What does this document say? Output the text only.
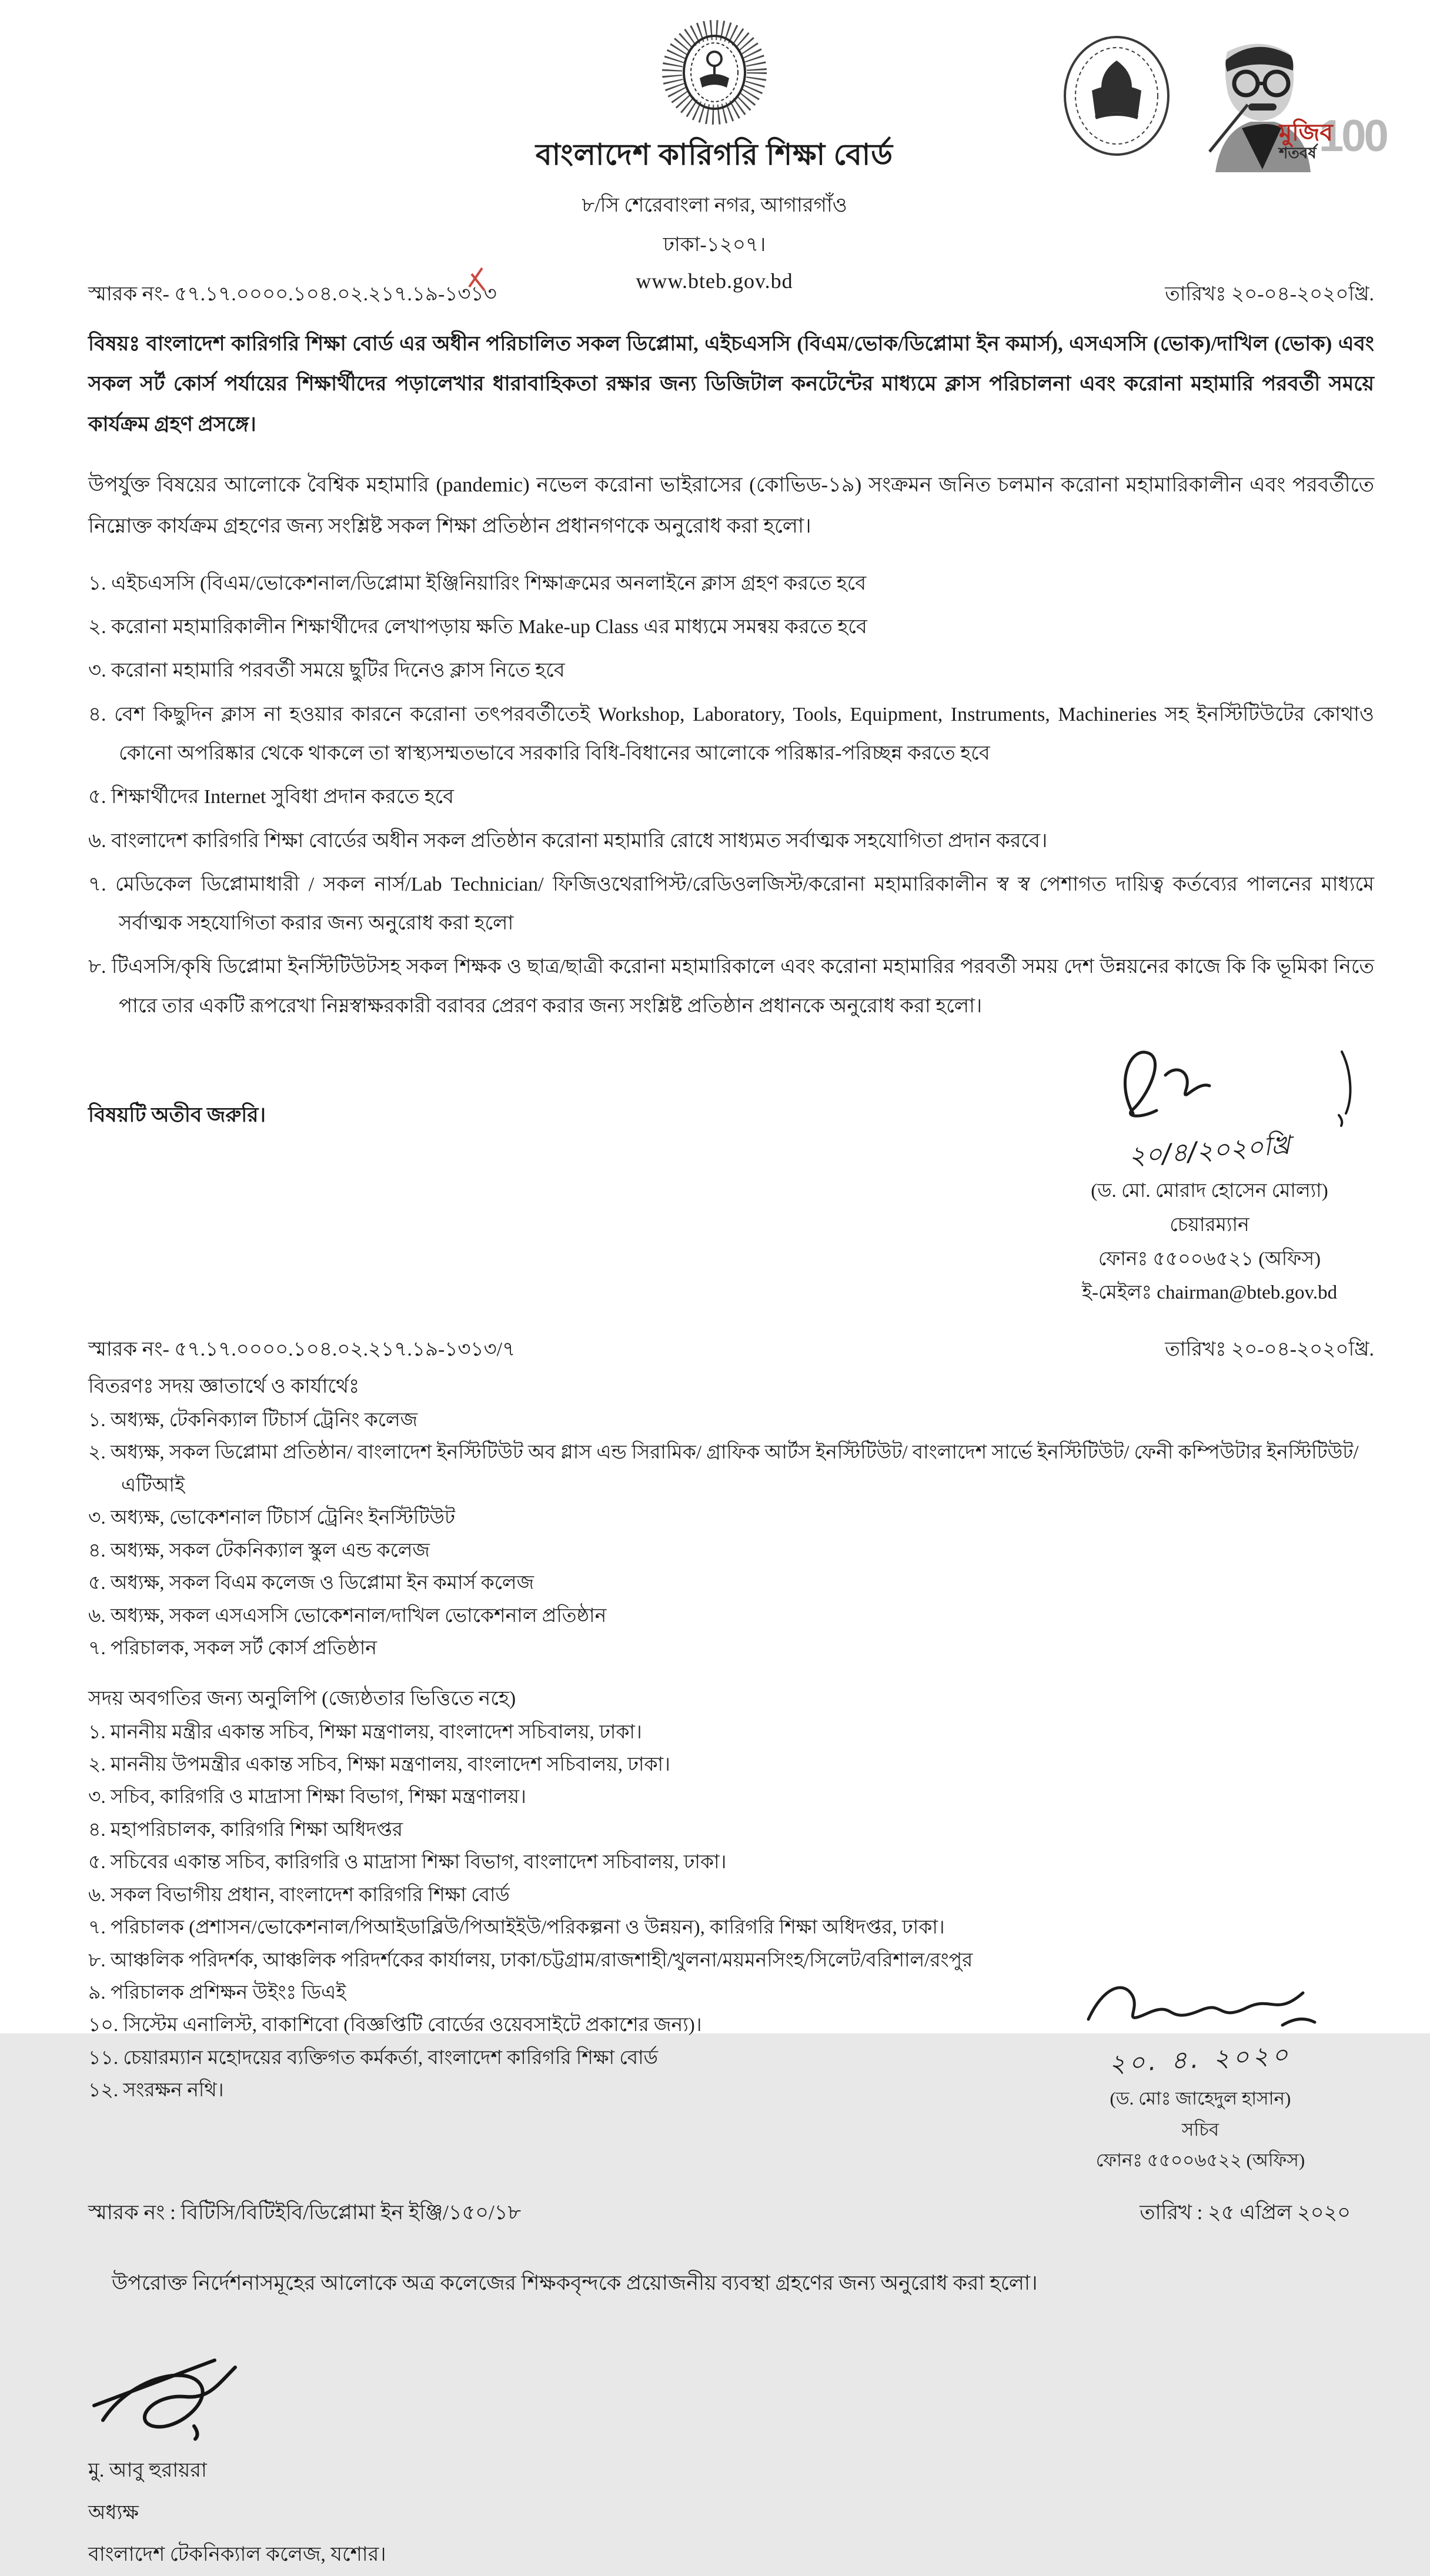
বাংলাদেশ কারিগরি শিক্ষা বোর্ড
৮/সি শেরেবাংলা নগর, আগারগাঁও
ঢাকা-১২০৭।
www.bteb.gov.bd
100
মুজিব
শতবর্ষ
স্মারক নং- ৫৭.১৭.০০০০.১০৪.০২.২১৭.১৯-১৩১৩	তারিখঃ ২০-০৪-২০২০খ্রি.
বিষয়ঃ বাংলাদেশ কারিগরি শিক্ষা বোর্ড এর অধীন পরিচালিত সকল ডিপ্লোমা, এইচএসসি (বিএম/ভোক/ডিপ্লোমা ইন কমার্স), এসএসসি (ভোক)/দাখিল (ভোক) এবং সকল সর্ট কোর্স পর্যায়ের শিক্ষার্থীদের পড়ালেখার ধারাবাহিকতা রক্ষার জন্য ডিজিটাল কনটেন্টের মাধ্যমে ক্লাস পরিচালনা এবং করোনা মহামারি পরবর্তী সময়ে কার্যক্রম গ্রহণ প্রসঙ্গে।
উপর্যুক্ত বিষয়ের আলোকে বৈশ্বিক মহামারি (pandemic) নভেল করোনা ভাইরাসের (কোভিড-১৯) সংক্রমন জনিত চলমান করোনা মহামারিকালীন এবং পরবর্তীতে নিম্নোক্ত কার্যক্রম গ্রহণের জন্য সংশ্লিষ্ট সকল শিক্ষা প্রতিষ্ঠান প্রধানগণকে অনুরোধ করা হলো।
১. এইচএসসি (বিএম/ভোকেশনাল/ডিপ্লোমা ইঞ্জিনিয়ারিং শিক্ষাক্রমের অনলাইনে ক্লাস গ্রহণ করতে হবে
২. করোনা মহামারিকালীন শিক্ষার্থীদের লেখাপড়ায় ক্ষতি Make-up Class এর মাধ্যমে সমন্বয় করতে হবে
৩. করোনা মহামারি পরবর্তী সময়ে ছুটির দিনেও ক্লাস নিতে হবে
৪. বেশ কিছুদিন ক্লাস না হওয়ার কারনে করোনা তৎপরবর্তীতেই Workshop, Laboratory, Tools, Equipment, Instruments, Machineries সহ ইনস্টিটিউটের কোথাও কোনো অপরিষ্কার থেকে থাকলে তা স্বাস্থ্যসম্মতভাবে সরকারি বিধি-বিধানের আলোকে পরিষ্কার-পরিচ্ছন্ন করতে হবে
৫. শিক্ষার্থীদের Internet সুবিধা প্রদান করতে হবে
৬. বাংলাদেশ কারিগরি শিক্ষা বোর্ডের অধীন সকল প্রতিষ্ঠান করোনা মহামারি রোধে সাধ্যমত সর্বাত্মক সহযোগিতা প্রদান করবে।
৭. মেডিকেল ডিপ্লোমাধারী / সকল নার্স/Lab Technician/ ফিজিওথেরাপিস্ট/রেডিওলজিস্ট/করোনা মহামারিকালীন স্ব স্ব পেশাগত দায়িত্ব কর্তব্যের পালনের মাধ্যমে সর্বাত্মক সহযোগিতা করার জন্য অনুরোধ করা হলো
৮. টিএসসি/কৃষি ডিপ্লোমা ইনস্টিটিউটসহ সকল শিক্ষক ও ছাত্র/ছাত্রী করোনা মহামারিকালে এবং করোনা মহামারির পরবর্তী সময় দেশ উন্নয়নের কাজে কি কি ভূমিকা নিতে পারে তার একটি রূপরেখা নিম্নস্বাক্ষরকারী বরাবর প্রেরণ করার জন্য সংশ্লিষ্ট প্রতিষ্ঠান প্রধানকে অনুরোধ করা হলো।
বিষয়টি অতীব জরুরি।
২০/৪/২০২০খ্রি
(ড. মো. মোরাদ হোসেন মোল্যা)
চেয়ারম্যান
ফোনঃ ৫৫০০৬৫২১ (অফিস)
ই-মেইলঃ chairman@bteb.gov.bd
স্মারক নং- ৫৭.১৭.০০০০.১০৪.০২.২১৭.১৯-১৩১৩/৭	তারিখঃ ২০-০৪-২০২০খ্রি.
বিতরণঃ সদয় জ্ঞাতার্থে ও কার্যার্থেঃ
১. অধ্যক্ষ, টেকনিক্যাল টিচার্স ট্রেনিং কলেজ
২. অধ্যক্ষ, সকল ডিপ্লোমা প্রতিষ্ঠান/ বাংলাদেশ ইনস্টিটিউট অব গ্লাস এন্ড সিরামিক/ গ্রাফিক আর্টস ইনস্টিটিউট/ বাংলাদেশ সার্ভে ইনস্টিটিউট/ ফেনী কম্পিউটার ইনস্টিটিউট/ এটিআই
৩. অধ্যক্ষ, ভোকেশনাল টিচার্স ট্রেনিং ইনস্টিটিউট
৪. অধ্যক্ষ, সকল টেকনিক্যাল স্কুল এন্ড কলেজ
৫. অধ্যক্ষ, সকল বিএম কলেজ ও ডিপ্লোমা ইন কমার্স কলেজ
৬. অধ্যক্ষ, সকল এসএসসি ভোকেশনাল/দাখিল ভোকেশনাল প্রতিষ্ঠান
৭. পরিচালক, সকল সর্ট কোর্স প্রতিষ্ঠান
সদয় অবগতির জন্য অনুলিপি (জ্যেষ্ঠতার ভিত্তিতে নহে)
১. মাননীয় মন্ত্রীর একান্ত সচিব, শিক্ষা মন্ত্রণালয়, বাংলাদেশ সচিবালয়, ঢাকা।
২. মাননীয় উপমন্ত্রীর একান্ত সচিব, শিক্ষা মন্ত্রণালয়, বাংলাদেশ সচিবালয়, ঢাকা।
৩. সচিব, কারিগরি ও মাদ্রাসা শিক্ষা বিভাগ, শিক্ষা মন্ত্রণালয়।
৪. মহাপরিচালক, কারিগরি শিক্ষা অধিদপ্তর
৫. সচিবের একান্ত সচিব, কারিগরি ও মাদ্রাসা শিক্ষা বিভাগ, বাংলাদেশ সচিবালয়, ঢাকা।
৬. সকল বিভাগীয় প্রধান, বাংলাদেশ কারিগরি শিক্ষা বোর্ড
৭. পরিচালক (প্রশাসন/ভোকেশনাল/পিআইডাব্লিউ/পিআইইউ/পরিকল্পনা ও উন্নয়ন), কারিগরি শিক্ষা অধিদপ্তর, ঢাকা।
৮. আঞ্চলিক পরিদর্শক, আঞ্চলিক পরিদর্শকের কার্যালয়, ঢাকা/চট্টগ্রাম/রাজশাহী/খুলনা/ময়মনসিংহ/সিলেট/বরিশাল/রংপুর
৯. পরিচালক প্রশিক্ষন উইংঃ ডিএই
১০. সিস্টেম এনালিস্ট, বাকাশিবো (বিজ্ঞপ্তিটি বোর্ডের ওয়েবসাইটে প্রকাশের জন্য)।
১১. চেয়ারম্যান মহোদয়ের ব্যক্তিগত কর্মকর্তা, বাংলাদেশ কারিগরি শিক্ষা বোর্ড
১২. সংরক্ষন নথি।
২০. ৪. ২০২০
(ড. মোঃ জাহেদুল হাসান)
সচিব
ফোনঃ ৫৫০০৬৫২২ (অফিস)
স্মারক নং : বিটিসি/বিটিইবি/ডিপ্লোমা ইন ইঞ্জি/১৫০/১৮	তারিখ : ২৫ এপ্রিল ২০২০
উপরোক্ত নির্দেশনাসমূহের আলোকে অত্র কলেজের শিক্ষকবৃন্দকে প্রয়োজনীয় ব্যবস্থা গ্রহণের জন্য অনুরোধ করা হলো।
মু. আবু হুরায়রা
অধ্যক্ষ
বাংলাদেশ টেকনিক্যাল কলেজ, যশোর।
